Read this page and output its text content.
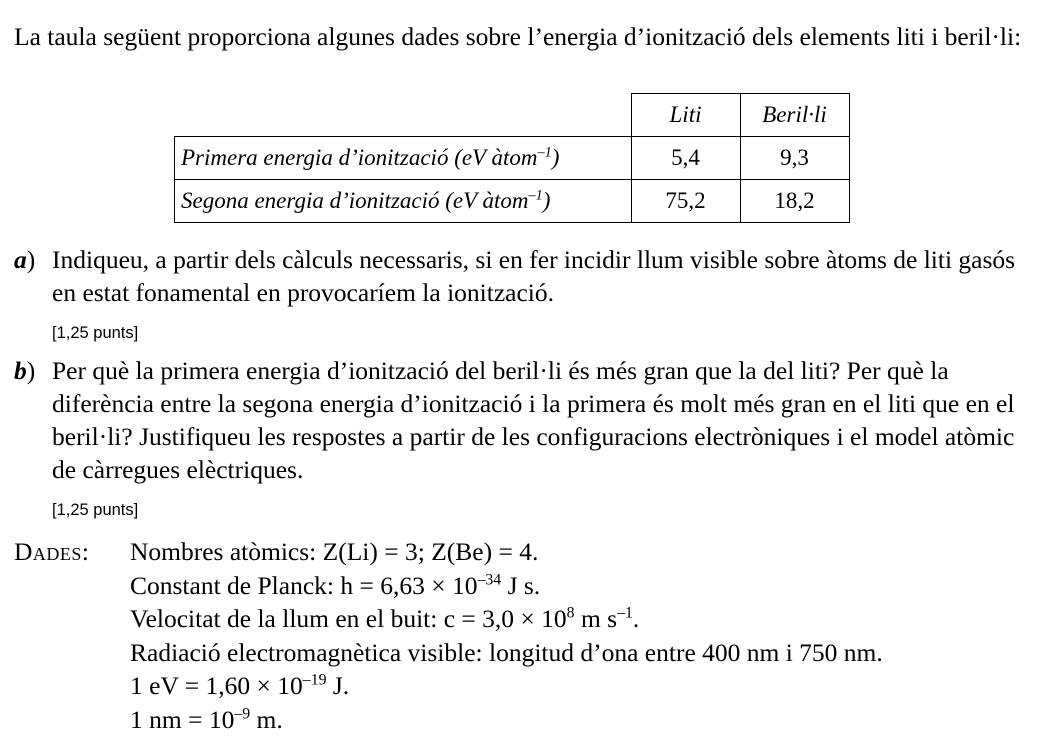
La taula següent proporciona algunes dades sobre l’energia d’ionització dels elements liti i beril·li:

	Liti	Beril·li
Primera energia d’ionització (eV àtom$^{-1}$)	5,4	9,3
Segona energia d’ionització (eV àtom$^{-1}$)	75,2	18,2
a) Indiqueu, a partir dels càlculs necessaris, si en fer incidir llum visible sobre àtoms de liti gasós en estat fonamental en provocaríem la ionització.
[1,25 punts]
b) Per què la primera energia d’ionització del beril·li és més gran que la del liti? Per què la diferència entre la segona energia d’ionització i la primera és molt més gran en el liti que en el beril·li? Justifiqueu les respostes a partir de les configuracions electròniques i el model atòmic de càrregues elèctriques.
[1,25 punts]
Dades: Nombres atòmics: Z(Li) = 3; Z(Be) = 4.
Constant de Planck: $h = 6,63 \times 10^{-34}$ J s.
Velocitat de la llum en el buit: $c = 3,0 \times 10^8$ m $s^{-1}$.
Radiació electromagnètica visible: longitud d’ona entre 400 nm i 750 nm.
1 eV = $1,60 \times 10^{-19}$ J.
1 nm = $10^{-9}$ m.
